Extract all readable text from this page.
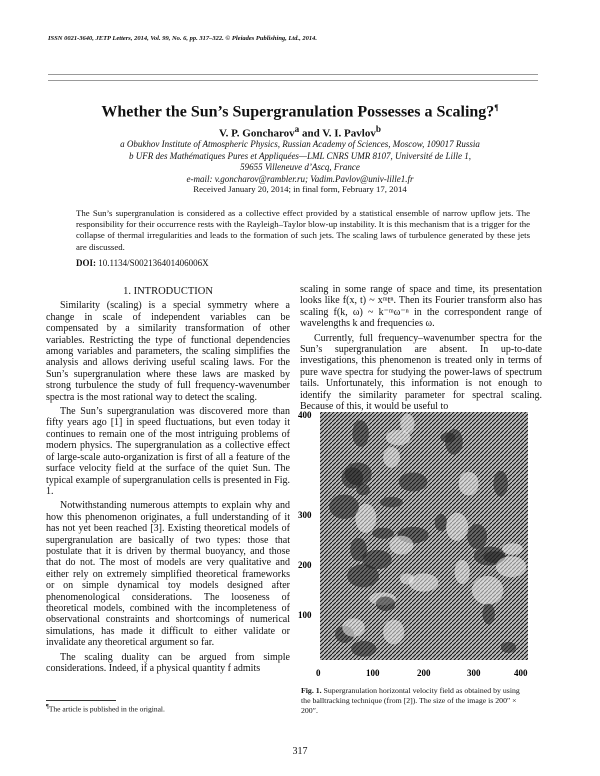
ISSN 0021-3640, JETP Letters, 2014, Vol. 99, No. 6, pp. 317–322. © Pleiades Publishing, Ltd., 2014.
Whether the Sun’s Supergranulation Possesses a Scaling?¶
V. P. Goncharov$^a$ and V. I. Pavlov$^b$
a Obukhov Institute of Atmospheric Physics, Russian Academy of Sciences, Moscow, 109017 Russia
b UFR des Mathématiques Pures et Appliquées—LML CNRS UMR 8107, Université de Lille 1,
59655 Villeneuve d’Ascq, France
e-mail: v.goncharov@rambler.ru; Vadim.Pavlov@univ-lille1.fr
Received January 20, 2014; in final form, February 17, 2014
The Sun’s supergranulation is considered as a collective effect provided by a statistical ensemble of narrow upflow jets. The responsibility for their occurrence rests with the Rayleigh–Taylor blow-up instability. It is this mechanism that is a trigger for the collapse of thermal irregularities and leads to the formation of such jets. The scaling laws of turbulence generated by these jets are discussed.
DOI: 10.1134/S002136401406006X

1. INTRODUCTION

Similarity (scaling) is a special symmetry where a change in scale of independent variables can be compensated by a similarity transformation of other variables. Restricting the type of functional dependencies among variables and parameters, the scaling simplifies the analysis and allows deriving useful scaling laws. For the Sun’s supergranulation where these laws are masked by strong turbulence the study of full frequency-wavenumber spectra is the most rational way to detect the scaling.

The Sun’s supergranulation was discovered more than fifty years ago [1] in speed fluctuations, but even today it continues to remain one of the most intriguing problems of modern physics. The supergranulation as a collective effect of large-scale auto-organization is first of all a feature of the surface velocity field at the surface of the quiet Sun. The typical example of supergranulation cells is presented in Fig. 1.

Notwithstanding numerous attempts to explain why and how this phenomenon originates, a full understanding of it has not yet been reached [3]. Existing theoretical models of supergranulation are basically of two types: those that postulate that it is driven by thermal buoyancy, and those that do not. The most of models are very qualitative and either rely on extremely simplified theoretical frameworks or on simple dynamical toy models designed after phenomenological considerations. The looseness of theoretical models, combined with the incompleteness of observational constraints and shortcomings of numerical simulations, has made it difficult to either validate or invalidate any theoretical argument so far.

The scaling duality can be argued from simple considerations. Indeed, if a physical quantity f admits

scaling in some range of space and time, its presentation looks like f(x, t) ~ xᵐtⁿ. Then its Fourier transform also has scaling f(k, ω) ~ k⁻ᵐω⁻ⁿ in the correspondent range of wavelengths k and frequencies ω.

Currently, full frequency–wavenumber spectra for the Sun’s supergranulation are absent. In up-to-date investigations, this phenomenon is treated only in terms of pure wave spectra for studying the power-laws of spectrum tails. Unfortunately, this information is not enough to identify the similarity parameter for spectral scaling. Because of this, it would be useful to

400
300
200
100
0	100	200	300	400
Fig. 1. Supergranulation horizontal velocity field as obtained by using the balltracking technique (from [2]). The size of the image is 200″ × 200″.
¶The article is published in the original.
317
